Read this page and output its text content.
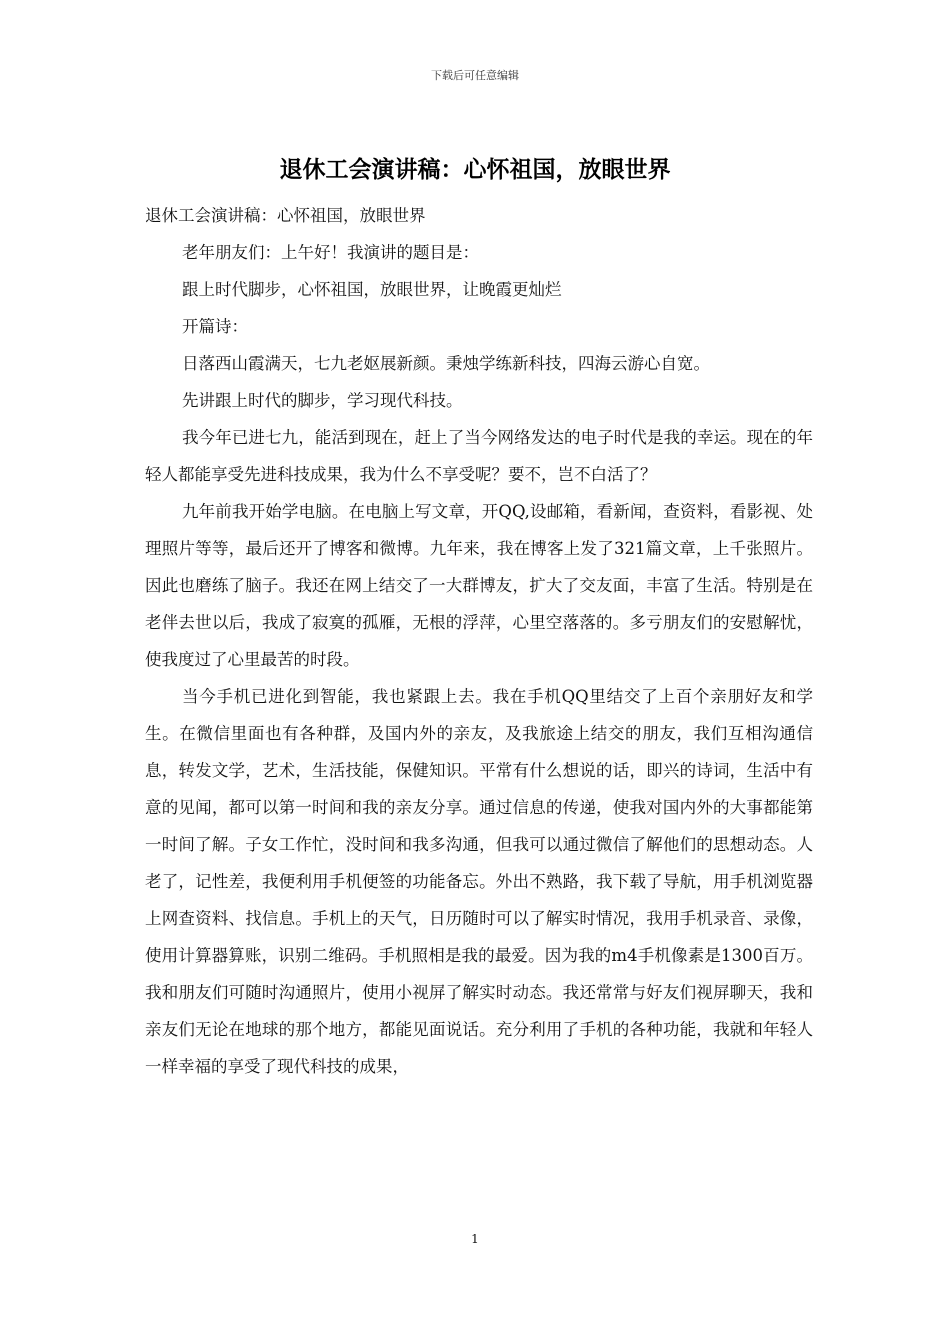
下载后可任意编辑
退休工会演讲稿：心怀祖国，放眼世界

退休工会演讲稿：心怀祖国，放眼世界

老年朋友们：上午好！我演讲的题目是：

跟上时代脚步，心怀祖国，放眼世界，让晚霞更灿烂

开篇诗：

日落西山霞满天，七九老妪展新颜。秉烛学练新科技，四海云游心自宽。

先讲跟上时代的脚步，学习现代科技。

我今年已进七九，能活到现在，赶上了当今网络发达的电子时代是我的幸运。现在的年轻人都能享受先进科技成果，我为什么不享受呢？要不，岂不白活了？

九年前我开始学电脑。在电脑上写文章，开QQ,设邮箱，看新闻，查资料，看影视、处理照片等等，最后还开了博客和微博。九年来，我在博客上发了321篇文章，上千张照片。因此也磨练了脑子。我还在网上结交了一大群博友，扩大了交友面，丰富了生活。特别是在老伴去世以后，我成了寂寞的孤雁，无根的浮萍，心里空落落的。多亏朋友们的安慰解忧，使我度过了心里最苦的时段。

当今手机已进化到智能，我也紧跟上去。我在手机QQ里结交了上百个亲朋好友和学生。在微信里面也有各种群，及国内外的亲友，及我旅途上结交的朋友，我们互相沟通信息，转发文学，艺术，生活技能，保健知识。平常有什么想说的话，即兴的诗词，生活中有意的见闻，都可以第一时间和我的亲友分享。通过信息的传递，使我对国内外的大事都能第一时间了解。子女工作忙，没时间和我多沟通，但我可以通过微信了解他们的思想动态。人老了，记性差，我便利用手机便签的功能备忘。外出不熟路，我下载了导航，用手机浏览器上网查资料、找信息。手机上的天气，日历随时可以了解实时情况，我用手机录音、录像，使用计算器算账，识别二维码。手机照相是我的最爱。因为我的m4手机像素是1300百万。我和朋友们可随时沟通照片，使用小视屏了解实时动态。我还常常与好友们视屏聊天，我和亲友们无论在地球的那个地方，都能见面说话。充分利用了手机的各种功能，我就和年轻人一样幸福的享受了现代科技的成果，

1
